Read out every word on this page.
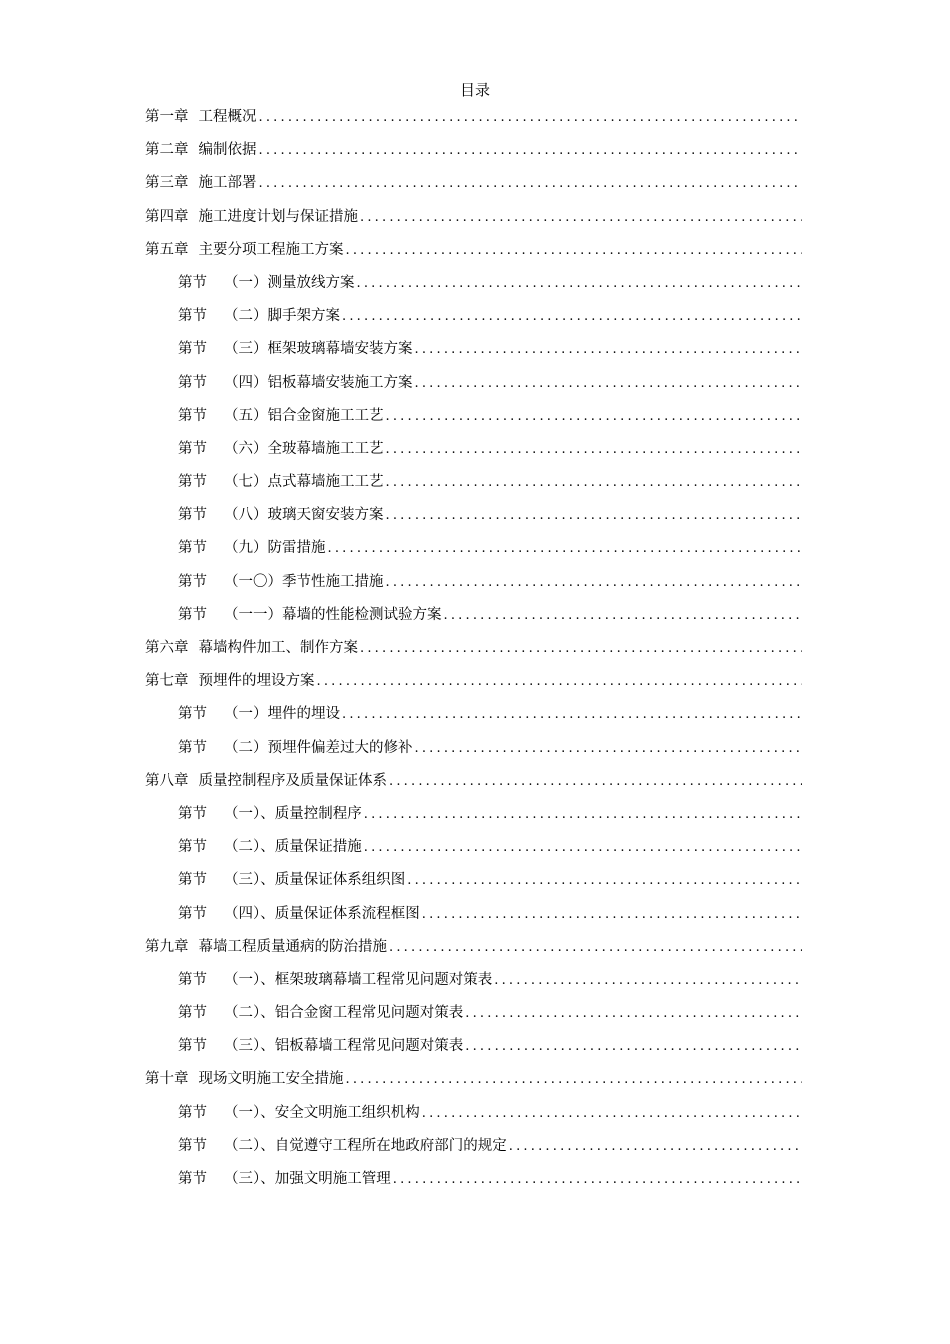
目录
第一章 工程概况
.....
第二章 编制依据
.....
第三章 施工部署
.....
第四章 施工进度计划与保证措施
.....
第五章 主要分项工程施工方案
.....
第节 （一）测量放线方案
.....
第节 （二）脚手架方案
.....
第节 （三）框架玻璃幕墙安装方案
.....
第节 （四）铝板幕墙安装施工方案
.....
第节 （五）铝合金窗施工工艺
.....
第节 （六）全玻幕墙施工工艺
.....
第节 （七）点式幕墙施工工艺
.....
第节 （八）玻璃天窗安装方案
.....
第节 （九）防雷措施
.....
第节 （一〇）季节性施工措施
.....
第节 （一一）幕墙的性能检测试验方案
.....
第六章 幕墙构件加工、制作方案
.....
第七章 预埋件的埋设方案
.....
第节 （一）埋件的埋设
.....
第节 （二）预埋件偏差过大的修补
.....
第八章 质量控制程序及质量保证体系
.....
第节 （一）、质量控制程序
.....
第节 （二）、质量保证措施
.....
第节 （三）、质量保证体系组织图
.....
第节 （四）、质量保证体系流程框图
.....
第九章 幕墙工程质量通病的防治措施
.....
第节 （一）、框架玻璃幕墙工程常见问题对策表
.....
第节 （二）、铝合金窗工程常见问题对策表
.....
第节 （三）、铝板幕墙工程常见问题对策表
.....
第十章 现场文明施工安全措施
.....
第节 （一）、安全文明施工组织机构
.....
第节 （二）、自觉遵守工程所在地政府部门的规定
.....
第节 （三）、加强文明施工管理
.....
